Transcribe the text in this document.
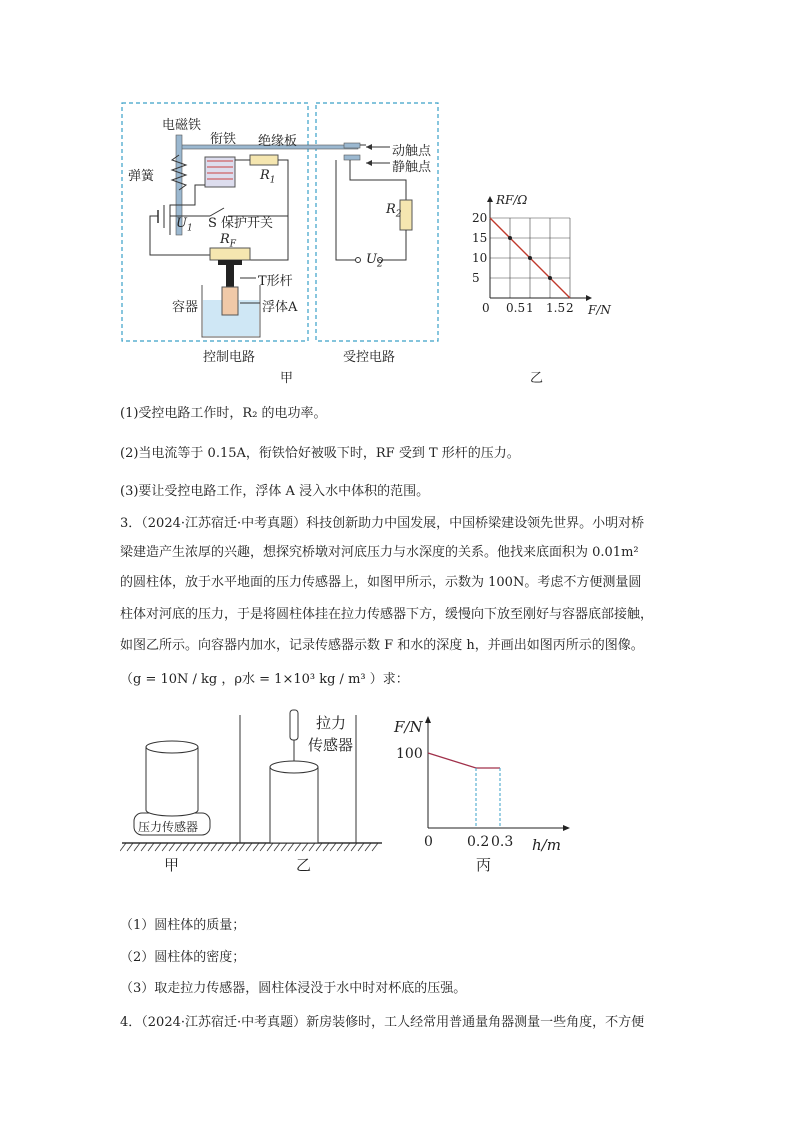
电磁铁
衔铁 绝缘板
动触点
静触点
弹簧	$R_1$
$U_1$ S 保护开关
$R_F$
T形杆
容器	浮体A
$R_2$
$U_2$
控制电路	受控电路
甲	乙
0 0.5 1 1.5 2
20
15
10
5
RF/Ω
F/N
(1)受控电路工作时，R₂ 的电功率。
(2)当电流等于 0.15A，衔铁恰好被吸下时，RF 受到 T 形杆的压力。
(3)要让受控电路工作，浮体 A 浸入水中体积的范围。
3．（2024·江苏宿迁·中考真题）科技创新助力中国发展，中国桥梁建设领先世界。小明对桥
梁建造产生浓厚的兴趣，想探究桥墩对河底压力与水深度的关系。他找来底面积为 0.01m²
的圆柱体，放于水平地面的压力传感器上，如图甲所示，示数为 100N。考虑不方便测量圆
柱体对河底的压力，于是将圆柱体挂在拉力传感器下方，缓慢向下放至刚好与容器底部接触，
如图乙所示。向容器内加水，记录传感器示数 F 和水的深度 h，并画出如图丙所示的图像。
（g = 10N / kg ，ρ水 = 1×10³ kg / m³ ）求：
压力传感器
拉力
传感器
甲	乙	丙
0 0.2 0.3
100
F/N
h/m
（1）圆柱体的质量；
（2）圆柱体的密度；
（3）取走拉力传感器，圆柱体浸没于水中时对杯底的压强。
4．（2024·江苏宿迁·中考真题）新房装修时，工人经常用普通量角器测量一些角度，不方便
